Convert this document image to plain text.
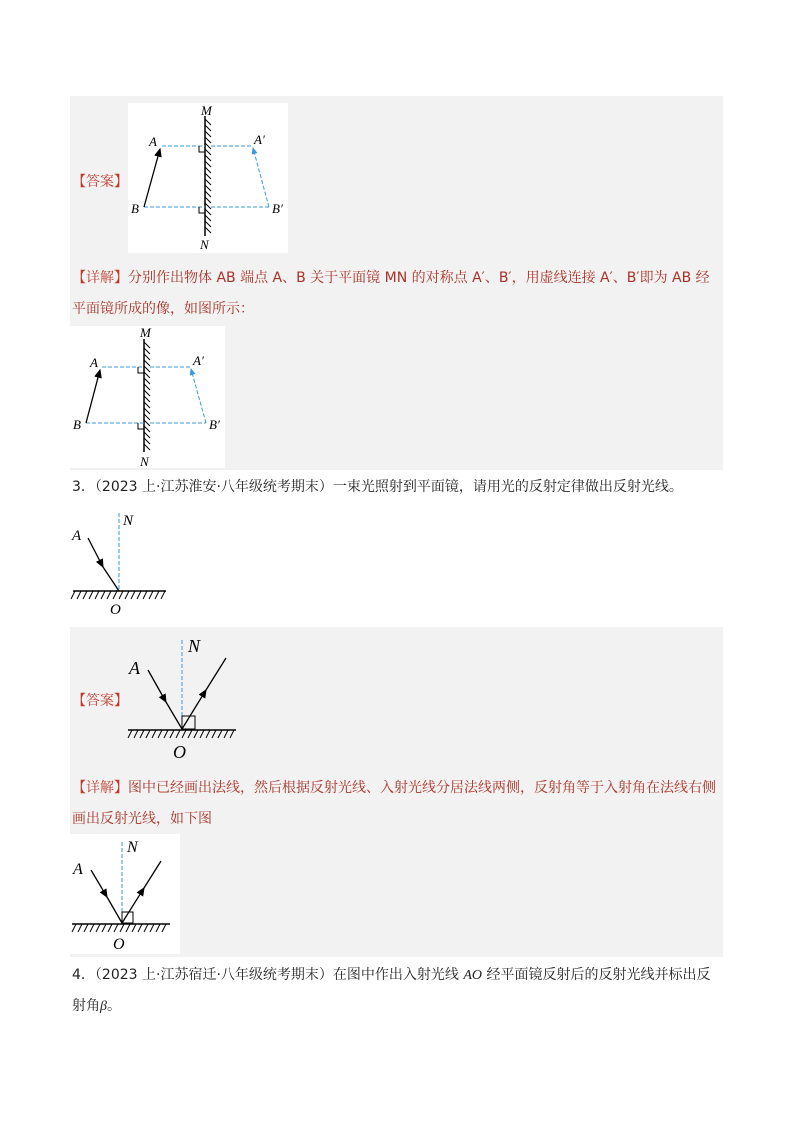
M
N
A
B
A′
B′
【答案】
【详解】分别作出物体 AB 端点 A、B 关于平面镜 MN 的对称点 A′、B′，用虚线连接 A′、B′即为 AB 经平面镜所成的像，如图所示：
M
N
A
B
A′
B′
3．（2023 上·江苏淮安·八年级统考期末）一束光照射到平面镜，请用光的反射定律做出反射光线。
A
N
O
【答案】
A
N
O
【详解】图中已经画出法线，然后根据反射光线、入射光线分居法线两侧，反射角等于入射角在法线右侧画出反射光线，如下图
A
N
O
4．（2023 上·江苏宿迁·八年级统考期末）在图中作出入射光线 AO 经平面镜反射后的反射光线并标出反射角β。
